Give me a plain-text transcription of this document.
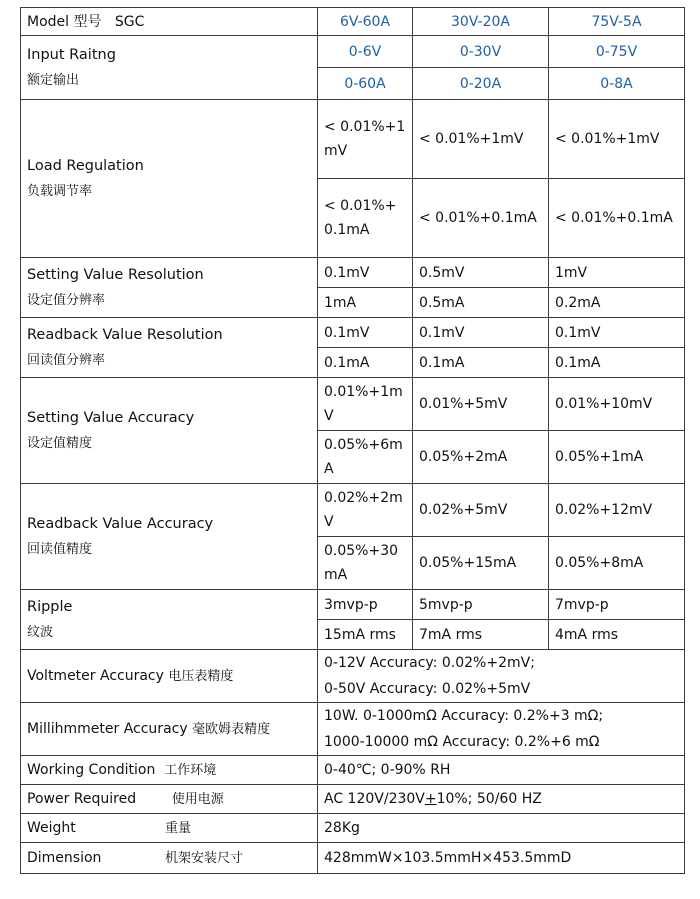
Model 型号 SGC	6V-60A	30V-20A	75V-5A

Input Raitng
额定输出	0-6V	0-30V	0-75V
	0-60A	0-20A	0-8A

Load Regulation
负载调节率	< 0.01%+1mV	< 0.01%+1mV	< 0.01%+1mV
	< 0.01%+0.1mA	< 0.01%+0.1mA	< 0.01%+0.1mA

Setting Value Resolution
设定值分辨率	0.1mV	0.5mV	1mV
	1mA	0.5mA	0.2mA

Readback Value Resolution
回读值分辨率	0.1mV	0.1mV	0.1mV
	0.1mA	0.1mA	0.1mA

Setting Value Accuracy
设定值精度	0.01%+1mV	0.01%+5mV	0.01%+10mV
	0.05%+6mA	0.05%+2mA	0.05%+1mA

Readback Value Accuracy
回读值精度	0.02%+2mV	0.02%+5mV	0.02%+12mV
	0.05%+30mA	0.05%+15mA	0.05%+8mA

Ripple
纹波	3mvp-p	5mvp-p	7mvp-p
	15mA rms	7mA rms	4mA rms
Voltmeter Accuracy 电压表精度	0-12V Accuracy: 0.02%+2mV;
0-50V Accuracy: 0.02%+5mV		

Millihmmeter Accuracy 毫欧姆表精度	10W. 0-1000mΩ Accuracy: 0.2%+3 mΩ;
1000-10000 mΩ Accuracy: 0.2%+6 mΩ		

Working Condition 工作环境	0-40℃; 0-90% RH		
Power Required 使用电源	AC 120V/230V+10%; 50/60 HZ		
Weight 重量	28Kg		
Dimension 机架安装尺寸	428mmW×103.5mmH×453.5mmD		
